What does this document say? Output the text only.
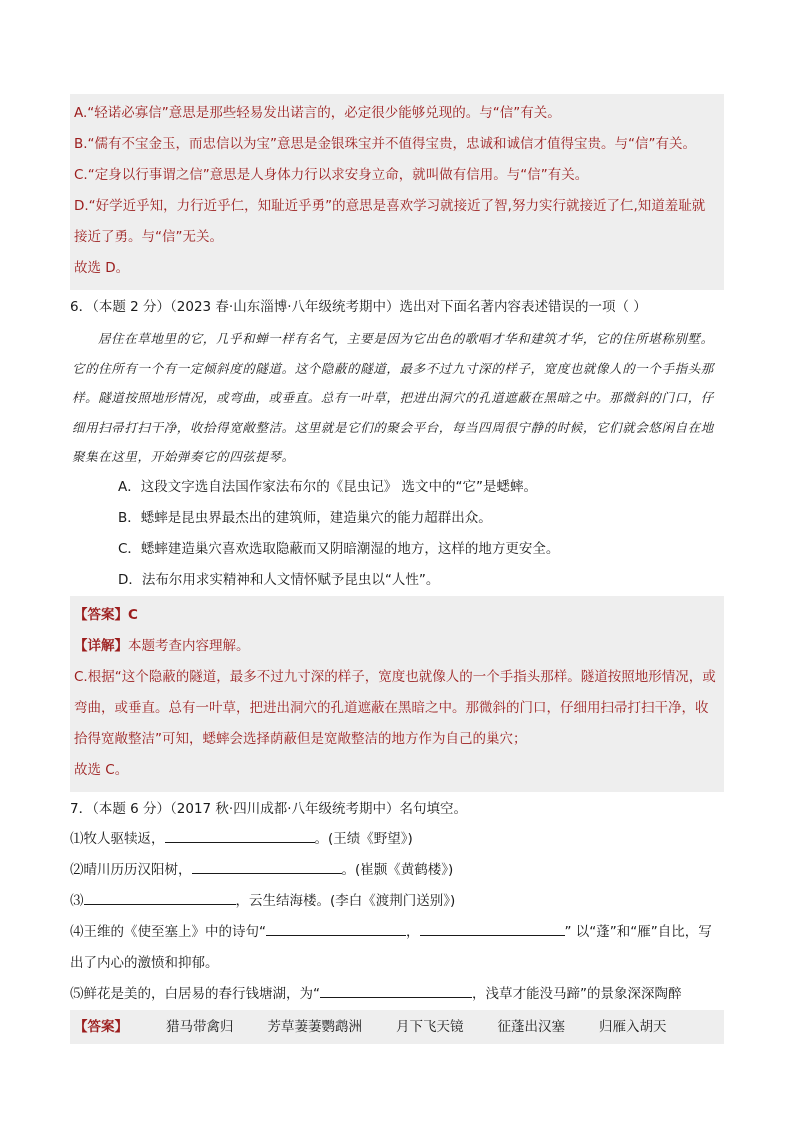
A.“轻诺必寡信”意思是那些轻易发出诺言的，必定很少能够兑现的。与“信”有关。
B.“儒有不宝金玉，而忠信以为宝”意思是金银珠宝并不值得宝贵，忠诚和诚信才值得宝贵。与“信”有关。
C.“定身以行事谓之信”意思是人身体力行以求安身立命，就叫做有信用。与“信”有关。
D.“好学近乎知，力行近乎仁，知耻近乎勇”的意思是喜欢学习就接近了智,努力实行就接近了仁,知道羞耻就
接近了勇。与“信”无关。
故选 D。
6．（本题 2 分）（2023 春·山东淄博·八年级统考期中）选出对下面名著内容表述错误的一项（ ）
居住在草地里的它，几乎和蝉一样有名气，主要是因为它出色的歌唱才华和建筑才华，它的住所堪称别墅。它的住所有一个有一定倾斜度的隧道。这个隐蔽的隧道，最多不过九寸深的样子，宽度也就像人的一个手指头那样。隧道按照地形情况，或弯曲，或垂直。总有一叶草，把进出洞穴的孔道遮蔽在黑暗之中。那微斜的门口，仔细用扫帚打扫干净，收拾得宽敞整洁。这里就是它们的聚会平台，每当四周很宁静的时候，它们就会悠闲自在地聚集在这里，开始弹奏它的四弦提琴。
A．这段文字选自法国作家法布尔的《昆虫记》 选文中的“它”是蟋蟀。
B．蟋蟀是昆虫界最杰出的建筑师，建造巢穴的能力超群出众。
C．蟋蟀建造巢穴喜欢选取隐蔽而又阴暗潮湿的地方，这样的地方更安全。
D．法布尔用求实精神和人文情怀赋予昆虫以“人性”。
【答案】C
【详解】本题考查内容理解。
C.根据“这个隐蔽的隧道，最多不过九寸深的样子，宽度也就像人的一个手指头那样。隧道按照地形情况，或弯曲，或垂直。总有一叶草，把进出洞穴的孔道遮蔽在黑暗之中。那微斜的门口，仔细用扫帚打扫干净，收拾得宽敞整洁”可知，蟋蟀会选择荫蔽但是宽敞整洁的地方作为自己的巢穴；
故选 C。
7．（本题 6 分）（2017 秋·四川成都·八年级统考期中）名句填空。
⑴牧人驱犊返，	。(王绩《野望》)
⑵晴川历历汉阳树，	。(崔颢《黄鹤楼》)
⑶	，云生结海楼。(李白《渡荆门送别》)
⑷王维的《使至塞上》中的诗句“	，	” 以“蓬”和“雁”自比，写
出了内心的激愤和抑郁。
⑸鲜花是美的，白居易的春行钱塘湖，为“	，浅草才能没马蹄”的景象深深陶醉
【答案】	猎马带禽归	芳草萋萋鹦鹉洲	月下飞天镜	征蓬出汉塞	归雁入胡天
